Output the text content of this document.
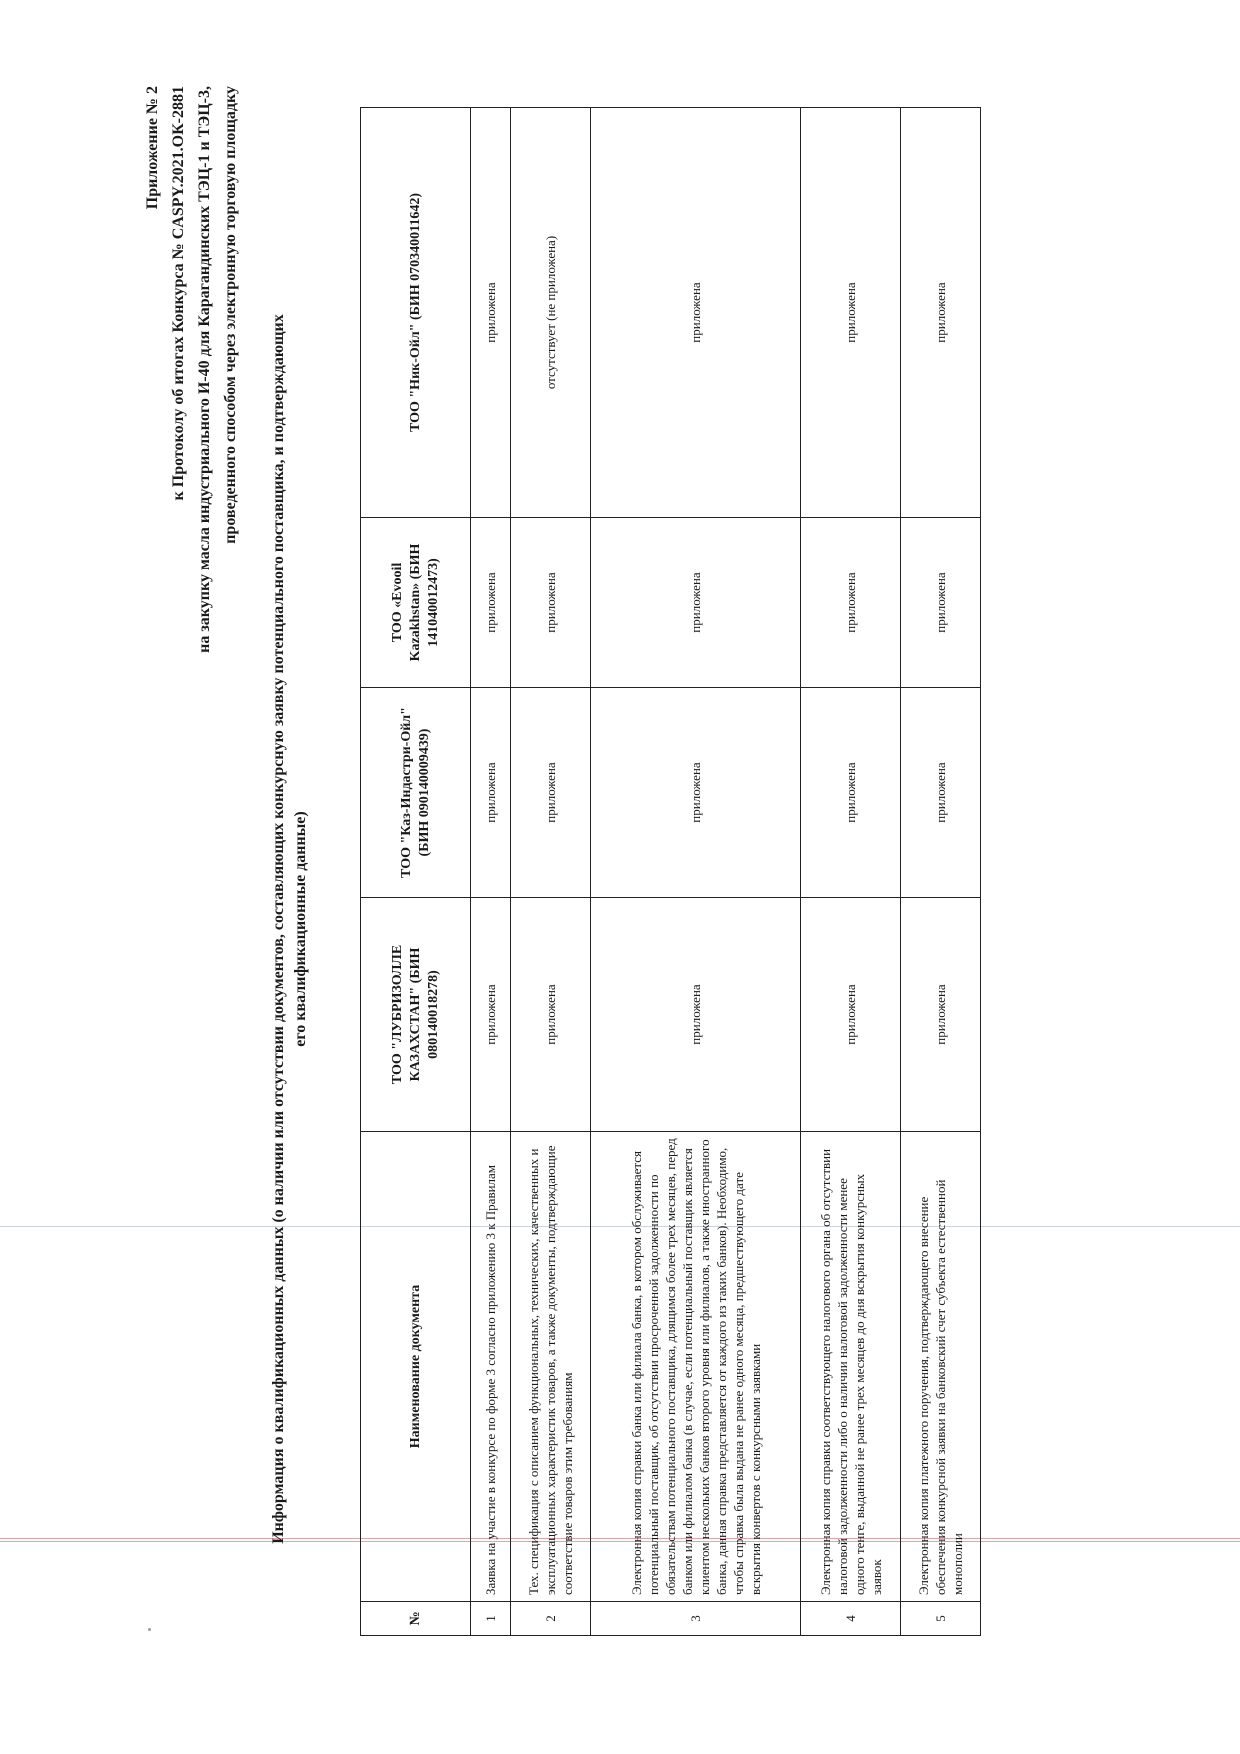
Приложение № 2 к Протоколу об итогах Конкурса № CASPY.2021.ОК-2881 на закупку масла индустриального И-40 для Карагандинских ТЭЦ-1 и ТЭЦ-3, проведенного способом через электронную торговую площадку	Информация о квалификационных данных (о наличии или отсутствии документов, составляющих конкурсную заявку потенциального поставщика, и подтверждающих его квалификационные данные)
№	Наименование документа	ТОО "ЛУБРИЗОЛЛЕ КАЗАХСТАН" (БИН 080140018278)	ТОО "Каз-Индастри-Ойл" (БИН 090140009439)	ТОО «Evooil Kazakhstan» (БИН 141040012473)	ТОО "Ник-Ойл" (БИН 070340011642)
1	Заявка на участие в конкурсе по форме 3 согласно приложению 3 к Правилам	приложена	приложена	приложена	приложена
2	Тех. спецификация с описанием функциональных, технических, качественных и эксплуатационных характеристик товаров, а также документы, подтверждающие соответствие товаров этим требованиям	приложена	приложена	приложена	отсутствует (не приложена)
3	Электронная копия справки банка или филиала банка, в котором обслуживается потенциальный поставщик, об отсутствии просроченной задолженности по обязательствам потенциального поставщика, длящимся более трех месяцев, перед банком или филиалом банка (в случае, если потенциальный поставщик является клиентом нескольких банков второго уровня или филиалов, а также иностранного банка, данная справка представляется от каждого из таких банков). Необходимо, чтобы справка была выдана не ранее одного месяца, предшествующего дате вскрытия конвертов с конкурсными заявками	приложена	приложена	приложена	приложена
4	Электронная копия справки соответствующего налогового органа об отсутствии налоговой задолженности либо о наличии налоговой задолженности менее одного тенге, выданной не ранее трех месяцев до дня вскрытия конкурсных заявок	приложена	приложена	приложена	приложена
5	Электронная копия платежного поручения, подтверждающего внесение обеспечения конкурсной заявки на банковский счет субъекта естественной монополии	приложена	приложена	приложена	приложена
